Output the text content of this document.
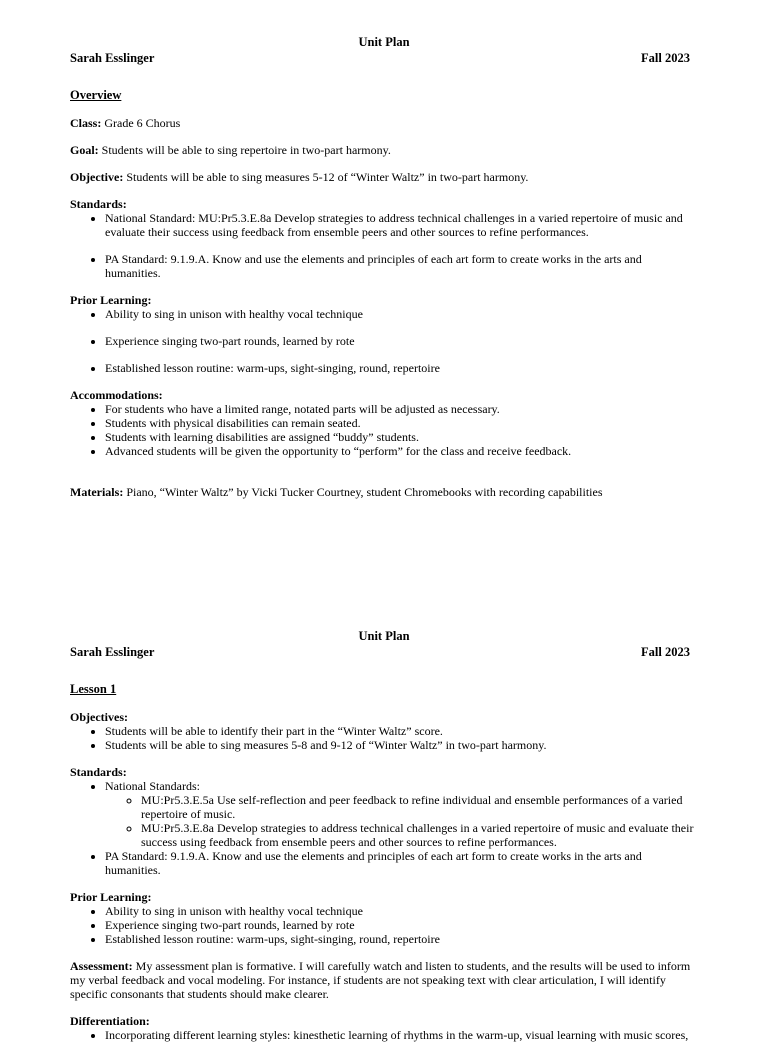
Unit Plan
Sarah Esslinger	Fall 2023
Overview

Class: Grade 6 Chorus

Goal: Students will be able to sing repertoire in two-part harmony.

Objective: Students will be able to sing measures 5-12 of “Winter Waltz” in two-part harmony.

Standards:

• National Standard: MU:Pr5.3.E.8a Develop strategies to address technical challenges in a varied repertoire of music and evaluate their success using feedback from ensemble peers and other sources to refine performances.
• PA Standard: 9.1.9.A. Know and use the elements and principles of each art form to create works in the arts and humanities.

Prior Learning:

• Ability to sing in unison with healthy vocal technique
• Experience singing two-part rounds, learned by rote
• Established lesson routine: warm-ups, sight-singing, round, repertoire

Accommodations:

• For students who have a limited range, notated parts will be adjusted as necessary.
• Students with physical disabilities can remain seated.
• Students with learning disabilities are assigned “buddy” students.
• Advanced students will be given the opportunity to “perform” for the class and receive feedback.

Materials: Piano, “Winter Waltz” by Vicki Tucker Courtney, student Chromebooks with recording capabilities

Unit Plan
Sarah Esslinger	Fall 2023
Lesson 1

Objectives:

• Students will be able to identify their part in the “Winter Waltz” score.
• Students will be able to sing measures 5-8 and 9-12 of “Winter Waltz” in two-part harmony.

Standards:

• National Standards:
◦ MU:Pr5.3.E.5a Use self-reflection and peer feedback to refine individual and ensemble performances of a varied repertoire of music.
◦ MU:Pr5.3.E.8a Develop strategies to address technical challenges in a varied repertoire of music and evaluate their success using feedback from ensemble peers and other sources to refine performances.
• PA Standard: 9.1.9.A. Know and use the elements and principles of each art form to create works in the arts and humanities.

Prior Learning:

• Ability to sing in unison with healthy vocal technique
• Experience singing two-part rounds, learned by rote
• Established lesson routine: warm-ups, sight-singing, round, repertoire

Assessment: My assessment plan is formative. I will carefully watch and listen to students, and the results will be used to inform my verbal feedback and vocal modeling. For instance, if students are not speaking text with clear articulation, I will identify specific consonants that students should make clearer.

Differentiation:

• Incorporating different learning styles: kinesthetic learning of rhythms in the warm-up, visual learning with music scores,
